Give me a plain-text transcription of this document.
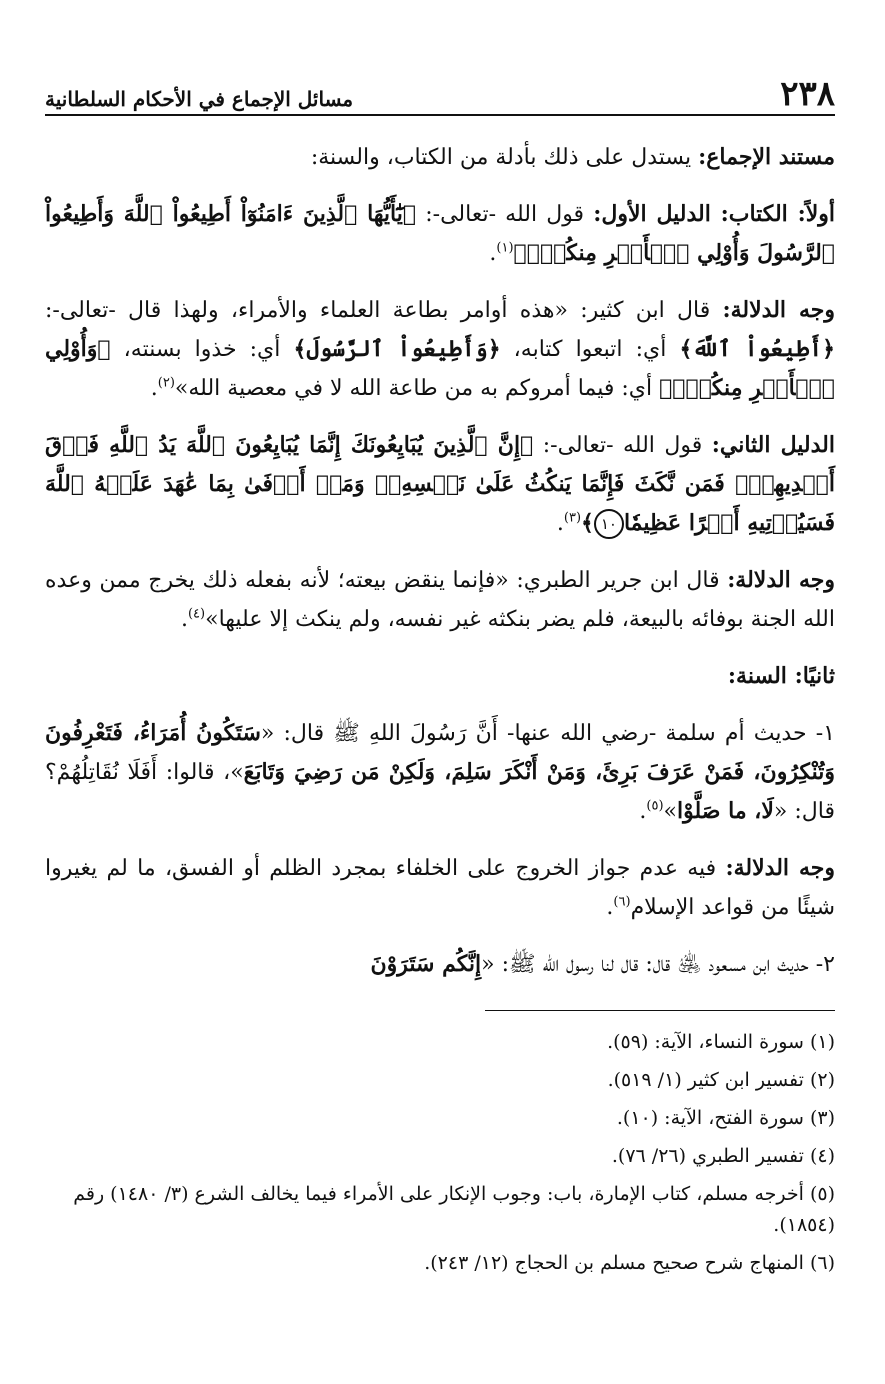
٢٣٨
مسائل الإجماع في الأحكام السلطانية

مستند الإجماع: يستدل على ذلك بأدلة من الكتاب، والسنة:

أولاً: الكتاب: الدليل الأول: قول الله -تعالى-: ﴿يَٰٓأَيُّهَا ٱلَّذِينَ ءَامَنُوٓاْ أَطِيعُواْ ٱللَّهَ وَأَطِيعُواْ ٱلرَّسُولَ وَأُوْلِي ٱلۡأَمۡرِ مِنكُمۡۖ﴾$^{(١)}$.

وجه الدلالة: قال ابن كثير: «هذه أوامر بطاعة العلماء والأمراء، ولهذا قال -تعالى-: ﴿أَطِيعُواْ ٱللَّهَ﴾ أي: اتبعوا كتابه، ﴿وَأَطِيعُواْ ٱلرَّسُولَ﴾ أي: خذوا بسنته، ﴿وَأُوْلِي ٱلۡأَمۡرِ مِنكُمۡۖ﴾ أي: فيما أمروكم به من طاعة الله لا في معصية الله»$^{(٢)}$.

الدليل الثاني: قول الله -تعالى-: ﴿إِنَّ ٱلَّذِينَ يُبَايِعُونَكَ إِنَّمَا يُبَايِعُونَ ٱللَّهَ يَدُ ٱللَّهِ فَوۡقَ أَيۡدِيهِمۡۚ فَمَن نَّكَثَ فَإِنَّمَا يَنكُثُ عَلَىٰ نَفۡسِهِۦۖ وَمَنۡ أَوۡفَىٰ بِمَا عَٰهَدَ عَلَيۡهُ ٱللَّهَ فَسَيُؤۡتِيهِ أَجۡرًا عَظِيمٗا١٠﴾$^{(٣)}$.

وجه الدلالة: قال ابن جرير الطبري: «فإنما ينقض بيعته؛ لأنه بفعله ذلك يخرج ممن وعده الله الجنة بوفائه بالبيعة، فلم يضر بنكثه غير نفسه، ولم ينكث إلا عليها»$^{(٤)}$.

ثانيًا: السنة:

١- حديث أم سلمة -رضي الله عنها- أَنَّ رَسُولَ اللهِ ﷺ قال: «سَتَكُونُ أُمَرَاءُ، فَتَعْرِفُونَ وَتُنْكِرُونَ، فَمَنْ عَرَفَ بَرِئَ، وَمَنْ أَنْكَرَ سَلِمَ، وَلَكِنْ مَن رَضِيَ وَتَابَعَ»، قالوا: أَفَلَا نُقَاتِلُهُمْ؟ قال: «لَا، ما صَلَّوْا»$^{(٥)}$.

وجه الدلالة: فيه عدم جواز الخروج على الخلفاء بمجرد الظلم أو الفسق، ما لم يغيروا شيئًا من قواعد الإسلام$^{(٦)}$.

٢- حديث ابن مسعود ﵁ قال: قال لنا رسول الله ﷺ: «إِنَّكُم سَتَرَوْنَ

(١)سورة النساء، الآية: (٥٩).
(٢)تفسير ابن كثير (١/ ٥١٩).
(٣)سورة الفتح، الآية: (١٠).
(٤)تفسير الطبري (٢٦/ ٧٦).
(٥)أخرجه مسلم، كتاب الإمارة، باب: وجوب الإنكار على الأمراء فيما يخالف الشرع (٣/ ١٤٨٠) رقم (١٨٥٤).
(٦)المنهاج شرح صحيح مسلم بن الحجاج (١٢/ ٢٤٣).
